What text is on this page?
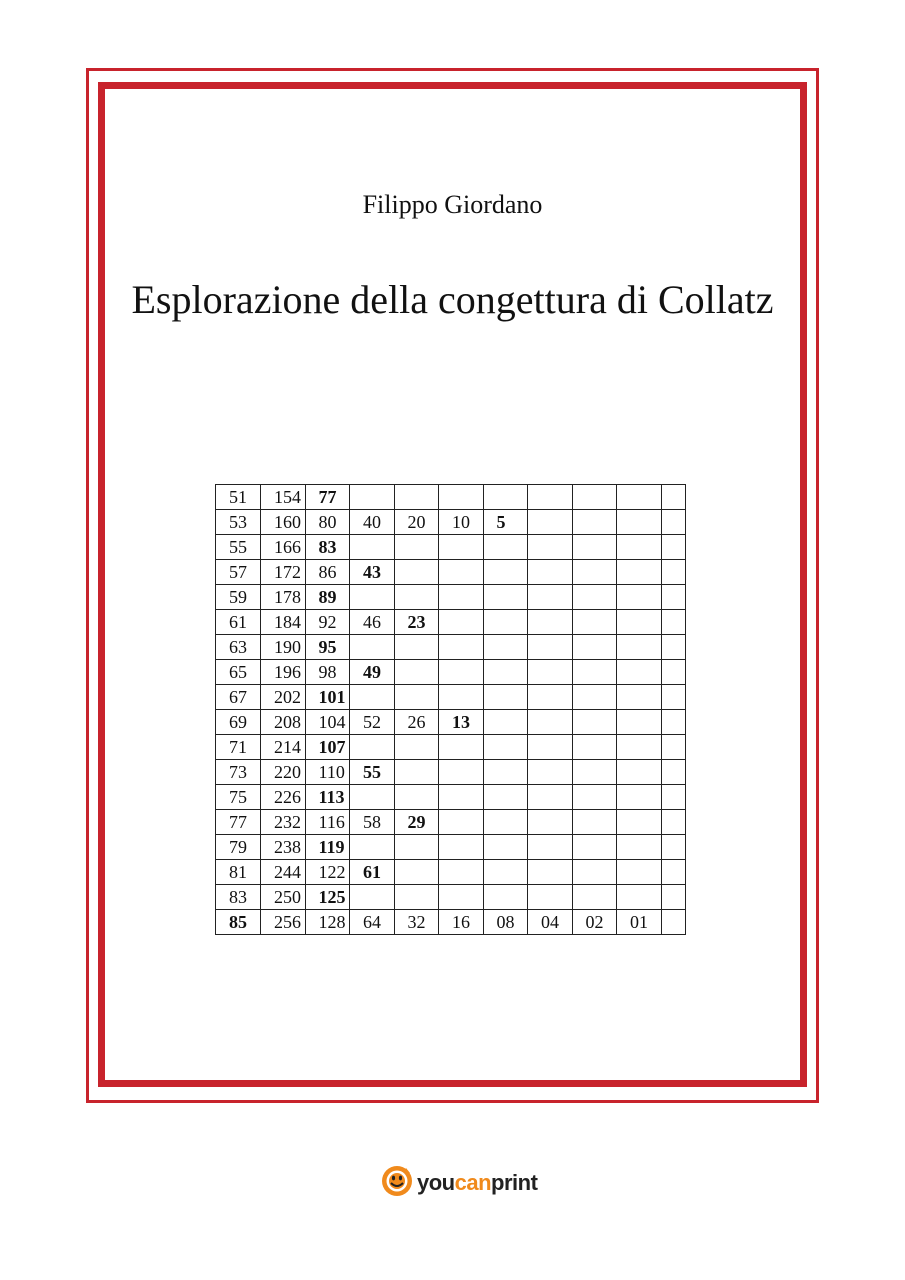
Filippo Giordano
Esplorazione della congettura di Collatz
51	154	77								
53	160	80	40	20	10	5				
55	166	83								
57	172	86	43							
59	178	89								
61	184	92	46	23						
63	190	95								
65	196	98	49							
67	202	101								
69	208	104	52	26	13					
71	214	107								
73	220	110	55							
75	226	113								
77	232	116	58	29						
79	238	119								
81	244	122	61							
83	250	125								
85	256	128	64	32	16	08	04	02	01	
youcanprint
